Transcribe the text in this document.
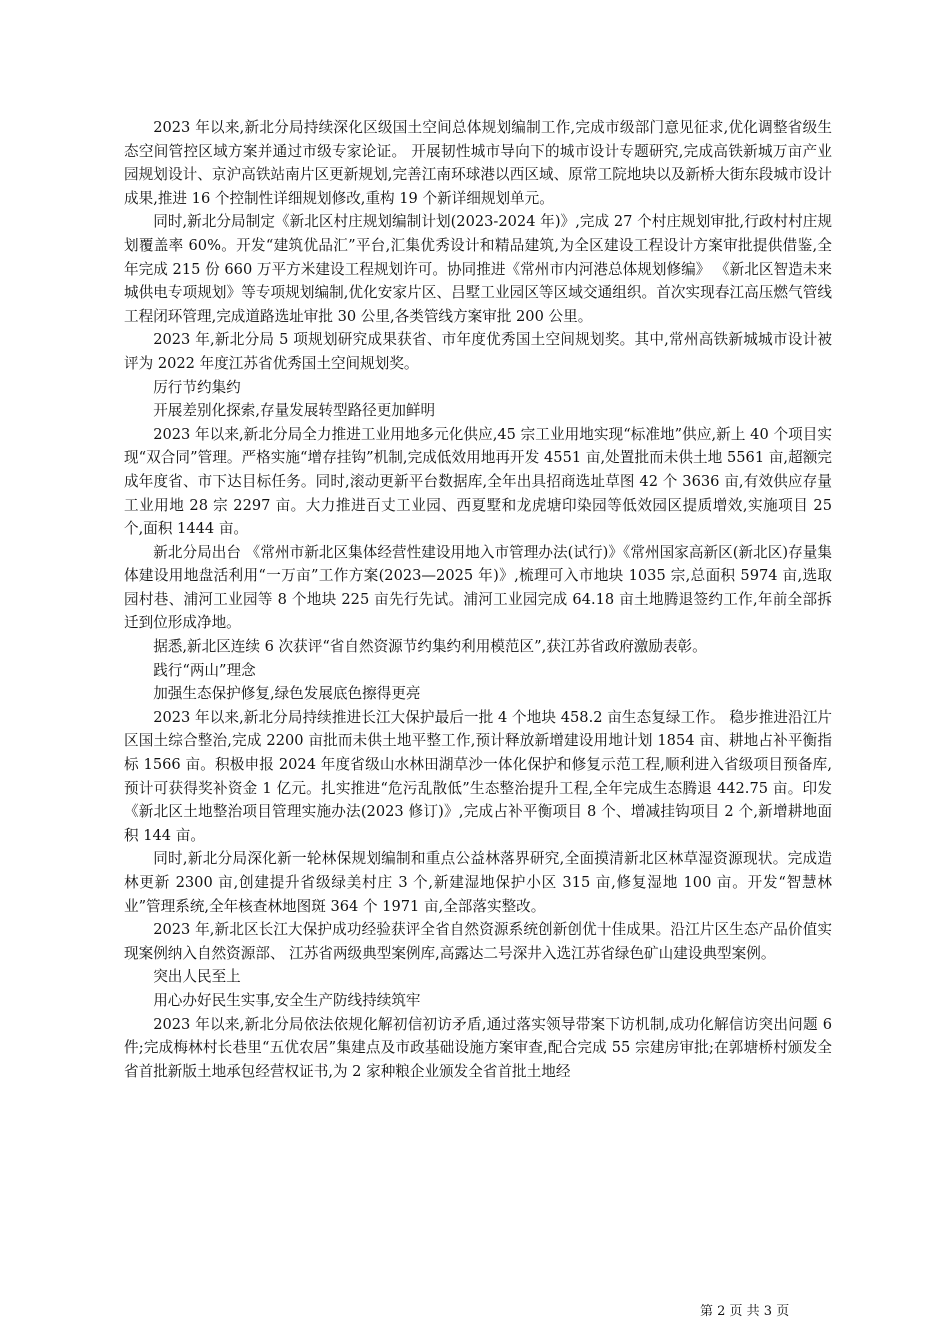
2023 年以来,新北分局持续深化区级国土空间总体规划编制工作,完成市级部门意见征求,优化调整省级生态空间管控区域方案并通过市级专家论证。 开展韧性城市导向下的城市设计专题研究,完成高铁新城万亩产业园规划设计、京沪高铁站南片区更新规划,完善江南环球港以西区域、原常工院地块以及新桥大街东段城市设计成果,推进 16 个控制性详细规划修改,重构 19 个新详细规划单元。

同时,新北分局制定《新北区村庄规划编制计划(2023-2024 年)》,完成 27 个村庄规划审批,行政村村庄规划覆盖率 60%。开发“建筑优品汇”平台,汇集优秀设计和精品建筑,为全区建设工程设计方案审批提供借鉴,全年完成 215 份 660 万平方米建设工程规划许可。协同推进《常州市内河港总体规划修编》 《新北区智造未来城供电专项规划》等专项规划编制,优化安家片区、吕墅工业园区等区域交通组织。首次实现春江高压燃气管线工程闭环管理,完成道路选址审批 30 公里,各类管线方案审批 200 公里。

2023 年,新北分局 5 项规划研究成果获省、市年度优秀国土空间规划奖。其中,常州高铁新城城市设计被评为 2022 年度江苏省优秀国土空间规划奖。

厉行节约集约

开展差别化探索,存量发展转型路径更加鲜明

2023 年以来,新北分局全力推进工业用地多元化供应,45 宗工业用地实现“标准地”供应,新上 40 个项目实现“双合同”管理。严格实施“增存挂钩”机制,完成低效用地再开发 4551 亩,处置批而未供土地 5561 亩,超额完成年度省、市下达目标任务。同时,滚动更新平台数据库,全年出具招商选址草图 42 个 3636 亩,有效供应存量工业用地 28 宗 2297 亩。大力推进百丈工业园、西夏墅和龙虎塘印染园等低效园区提质增效,实施项目 25 个,面积 1444 亩。

新北分局出台 《常州市新北区集体经营性建设用地入市管理办法(试行)》《常州国家高新区(新北区)存量集体建设用地盘活利用“一万亩”工作方案(2023—2025 年)》,梳理可入市地块 1035 宗,总面积 5974 亩,选取园村巷、浦河工业园等 8 个地块 225 亩先行先试。浦河工业园完成 64.18 亩土地腾退签约工作,年前全部拆迁到位形成净地。

据悉,新北区连续 6 次获评“省自然资源节约集约利用模范区”,获江苏省政府激励表彰。

践行“两山”理念

加强生态保护修复,绿色发展底色擦得更亮

2023 年以来,新北分局持续推进长江大保护最后一批 4 个地块 458.2 亩生态复绿工作。 稳步推进沿江片区国土综合整治,完成 2200 亩批而未供土地平整工作,预计释放新增建设用地计划 1854 亩、耕地占补平衡指标 1566 亩。积极申报 2024 年度省级山水林田湖草沙一体化保护和修复示范工程,顺利进入省级项目预备库,预计可获得奖补资金 1 亿元。扎实推进“危污乱散低”生态整治提升工程,全年完成生态腾退 442.75 亩。印发《新北区土地整治项目管理实施办法(2023 修订)》,完成占补平衡项目 8 个、增减挂钩项目 2 个,新增耕地面积 144 亩。

同时,新北分局深化新一轮林保规划编制和重点公益林落界研究,全面摸清新北区林草湿资源现状。完成造林更新 2300 亩,创建提升省级绿美村庄 3 个,新建湿地保护小区 315 亩,修复湿地 100 亩。开发“智慧林业”管理系统,全年核查林地图斑 364 个 1971 亩,全部落实整改。

2023 年,新北区长江大保护成功经验获评全省自然资源系统创新创优十佳成果。沿江片区生态产品价值实现案例纳入自然资源部、 江苏省两级典型案例库,高露达二号深井入选江苏省绿色矿山建设典型案例。

突出人民至上

用心办好民生实事,安全生产防线持续筑牢

2023 年以来,新北分局依法依规化解初信初访矛盾,通过落实领导带案下访机制,成功化解信访突出问题 6 件;完成梅林村长巷里“五优农居”集建点及市政基础设施方案审查,配合完成 55 宗建房审批;在郭塘桥村颁发全省首批新版土地承包经营权证书,为 2 家种粮企业颁发全省首批土地经

第 2 页 共 3 页
